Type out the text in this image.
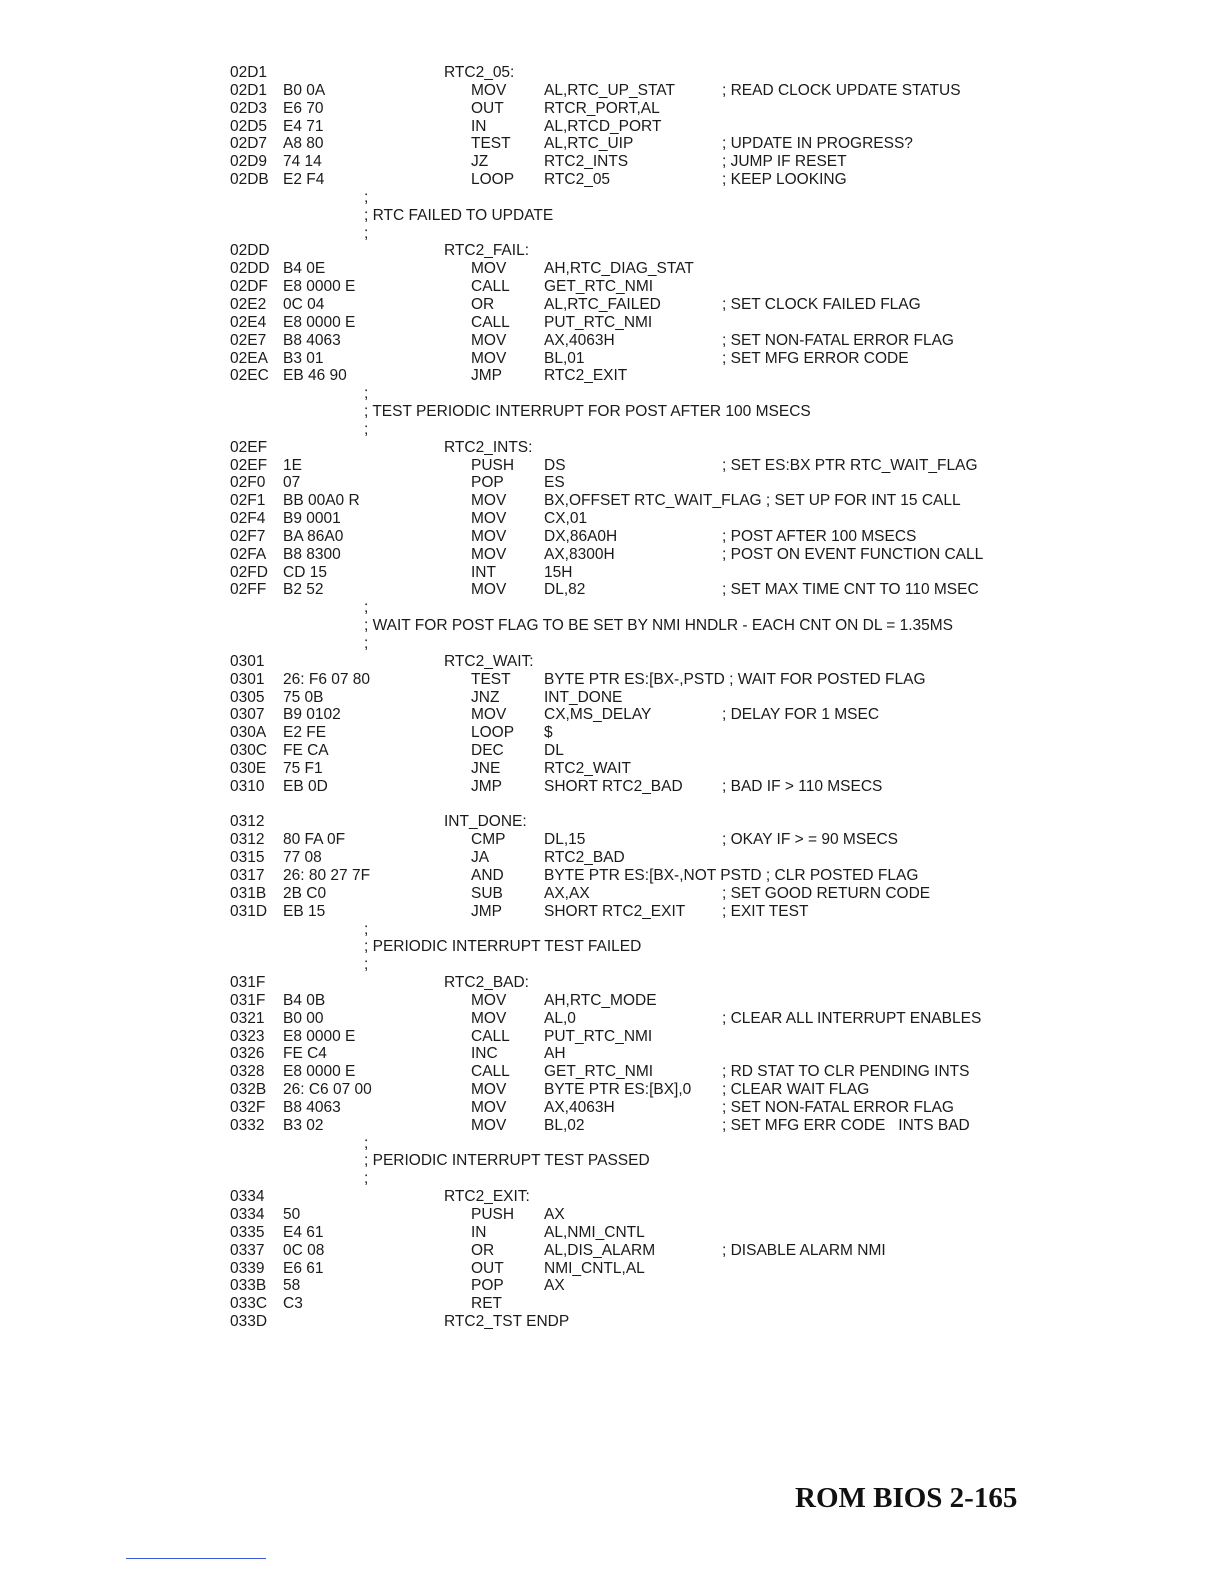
02D1	RTC2_05:
02D1 B0 0A	MOV AL,RTC_UP_STAT	; READ CLOCK UPDATE STATUS
02D3 E6 70	OUT	RTCR_PORT,AL
02D5 E4 71	IN	AL,RTCD_PORT
02D7 A8 80	TEST AL,RTC_UIP	; UPDATE IN PROGRESS?
02D9 74 14	JZ	RTC2_INTS	; JUMP IF RESET
02DB E2 F4	LOOP RTC2_05	; KEEP LOOKING
;
; RTC FAILED TO UPDATE
;
02DD	RTC2_FAIL:
02DD B4 0E	MOV AH,RTC_DIAG_STAT
02DF E8 0000 E	CALL GET_RTC_NMI
02E2 0C 04	OR	AL,RTC_FAILED	; SET CLOCK FAILED FLAG
02E4 E8 0000 E	CALL PUT_RTC_NMI
02E7 B8 4063	MOV AX,4063H	; SET NON-FATAL ERROR FLAG
02EA B3 01	MOV BL,01	; SET MFG ERROR CODE
02EC EB 46 90	JMP	RTC2_EXIT
;
; TEST PERIODIC INTERRUPT FOR POST AFTER 100 MSECS
;
02EF	RTC2_INTS:
02EF 1E	PUSH DS	; SET ES:BX PTR RTC_WAIT_FLAG
02F0 07	POP	ES
02F1 BB 00A0 R	MOV BX,OFFSET RTC_WAIT_FLAG ; SET UP FOR INT 15 CALL
02F4 B9 0001	MOV CX,01
02F7 BA 86A0	MOV DX,86A0H	; POST AFTER 100 MSECS
02FA B8 8300	MOV AX,8300H	; POST ON EVENT FUNCTION CALL
02FD CD 15	INT	15H
02FF B2 52	MOV DL,82	; SET MAX TIME CNT TO 110 MSEC
;
; WAIT FOR POST FLAG TO BE SET BY NMI HNDLR - EACH CNT ON DL = 1.35MS
;
0301	RTC2_WAIT:
0301 26: F6 07 80	TEST BYTE PTR ES:[BX-,PSTD ; WAIT FOR POSTED FLAG
0305 75 0B	JNZ	INT_DONE
0307 B9 0102	MOV CX,MS_DELAY	; DELAY FOR 1 MSEC
030A E2 FE	LOOP $
030C FE CA	DEC	DL
030E 75 F1	JNE	RTC2_WAIT
0310 EB 0D	JMP	SHORT RTC2_BAD	; BAD IF > 110 MSECS
0312	INT_DONE:
0312 80 FA 0F	CMP DL,15	; OKAY IF > = 90 MSECS
0315 77 08	JA	RTC2_BAD
0317 26: 80 27 7F	AND	BYTE PTR ES:[BX-,NOT PSTD ; CLR POSTED FLAG
031B 2B C0	SUB	AX,AX	; SET GOOD RETURN CODE
031D EB 15	JMP	SHORT RTC2_EXIT ; EXIT TEST
;
; PERIODIC INTERRUPT TEST FAILED
;
031F	RTC2_BAD:
031F B4 0B	MOV AH,RTC_MODE
0321 B0 00	MOV AL,0	; CLEAR ALL INTERRUPT ENABLES
0323 E8 0000 E	CALL PUT_RTC_NMI
0326 FE C4	INC	AH
0328 E8 0000 E	CALL GET_RTC_NMI	; RD STAT TO CLR PENDING INTS
032B 26: C6 07 00	MOV BYTE PTR ES:[BX],0 ; CLEAR WAIT FLAG
032F B8 4063	MOV AX,4063H	; SET NON-FATAL ERROR FLAG
0332 B3 02	MOV BL,02	; SET MFG ERR CODE   INTS BAD
;
; PERIODIC INTERRUPT TEST PASSED
;
0334	RTC2_EXIT:
0334 50	PUSH AX
0335 E4 61	IN	AL,NMI_CNTL
0337 0C 08	OR	AL,DIS_ALARM	; DISABLE ALARM NMI
0339 E6 61	OUT	NMI_CNTL,AL
033B 58	POP	AX
033C C3	RET
033D	RTC2_TST ENDP
ROM BIOS 2-165
